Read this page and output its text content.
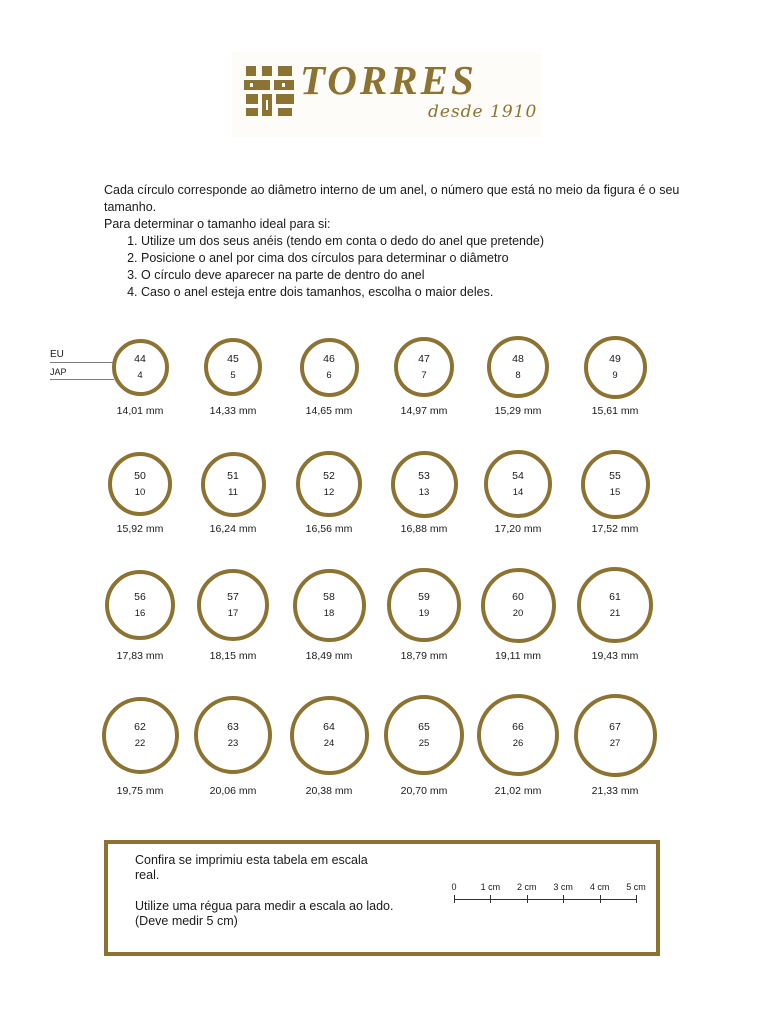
TORRES
desde 1910

Cada círculo corresponde ao diâmetro interno de um anel, o número que está no meio da figura é o seu tamanho.

Para determinar o tamanho ideal para si:

1. Utilize um dos seus anéis (tendo em conta o dedo do anel que pretende)
2. Posicione o anel por cima dos círculos para determinar o diâmetro
3. O círculo deve aparecer na parte de dentro do anel
4. Caso o anel esteja entre dois tamanhos, escolha o maior deles.
EU
JAP
44
4
14,01 mm
45
5
14,33 mm
46
6
14,65 mm
47
7
14,97 mm
48
8
15,29 mm
49
9
15,61 mm
50
10
15,92 mm
51
11
16,24 mm
52
12
16,56 mm
53
13
16,88 mm
54
14
17,20 mm
55
15
17,52 mm
56
16
17,83 mm
57
17
18,15 mm
58
18
18,49 mm
59
19
18,79 mm
60
20
19,11 mm
61
21
19,43 mm
62
22
19,75 mm
63
23
20,06 mm
64
24
20,38 mm
65
25
20,70 mm
66
26
21,02 mm
67
27
21,33 mm

Confira se imprimiu esta tabela em escala real.

Utilize uma régua para medir a escala ao lado. (Deve medir 5 cm)

0	1 cm	2 cm	3 cm	4 cm	5 cm
